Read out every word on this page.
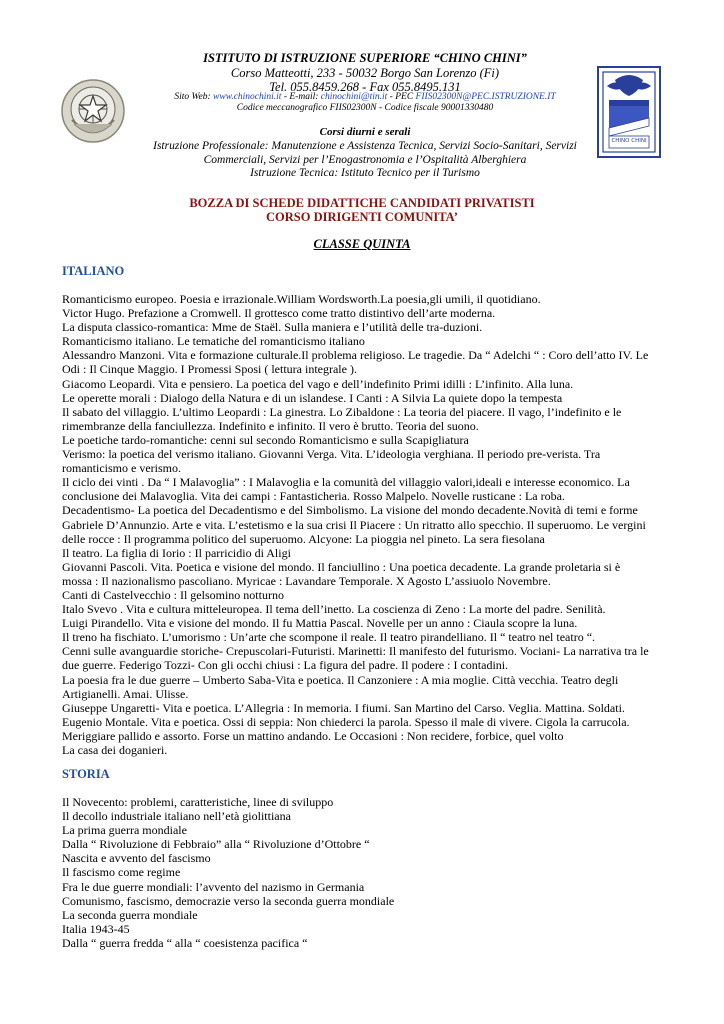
CHINO CHINI
ISTITUTO DI ISTRUZIONE SUPERIORE “CHINO CHINI”
Corso Matteotti, 233 - 50032 Borgo San Lorenzo (Fi)
Tel. 055.8459.268 - Fax 055.8495.131
Sito Web: www.chinochini.it - E-mail: chinochini@tin.it - PEC FIIS02300N@PEC.ISTRUZIONE.IT
Codice meccanografico FIIS02300N - Codice fiscale 90001330480
Corsi diurni e serali
Istruzione Professionale: Manutenzione e Assistenza Tecnica, Servizi Socio-Sanitari, Servizi
Commerciali, Servizi per l’Enogastronomia e l’Ospitalità Alberghiera
Istruzione Tecnica: Istituto Tecnico per il Turismo
BOZZA DI SCHEDE DIDATTICHE CANDIDATI PRIVATISTI
CORSO DIRIGENTI COMUNITA’
CLASSE QUINTA
ITALIANO
Romanticismo europeo. Poesia e irrazionale.William Wordsworth.La poesia,gli umili, il quotidiano.
Victor Hugo. Prefazione a Cromwell. Il grottesco come tratto distintivo dell’arte moderna.
La disputa classico-romantica: Mme de Staël. Sulla maniera e l’utilità delle tra-duzioni.
Romanticismo italiano. Le tematiche del romanticismo italiano
Alessandro Manzoni. Vita e formazione culturale.Il problema religioso. Le tragedie. Da “ Adelchi “ : Coro dell’atto IV. Le
Odi : Il Cinque Maggio. I Promessi Sposi ( lettura integrale ).
Giacomo Leopardi. Vita e pensiero. La poetica del vago e dell’indefinito Primi idilli : L’infinito. Alla luna.
Le operette morali : Dialogo della Natura e di un islandese. I Canti : A Silvia La quiete dopo la tempesta
Il sabato del villaggio. L’ultimo Leopardi : La ginestra. Lo Zibaldone : La teoria del piacere. Il vago, l’indefinito e le
rimembranze della fanciullezza. Indefinito e infinito. Il vero è brutto. Teoria del suono.
Le poetiche tardo-romantiche: cenni sul secondo Romanticismo e sulla Scapigliatura
Verismo: la poetica del verismo italiano. Giovanni Verga. Vita. L’ideologia verghiana. Il periodo pre-verista. Tra
romanticismo e verismo.
Il ciclo dei vinti . Da “ I Malavoglia” : I Malavoglia e la comunità del villaggio valori,ideali e interesse economico. La
conclusione dei Malavoglia. Vita dei campi : Fantasticheria. Rosso Malpelo. Novelle rusticane : La roba.
Decadentismo- La poetica del Decadentismo e del Simbolismo. La visione del mondo decadente.Novità di temi e forme
Gabriele D’Annunzio. Arte e vita. L’estetismo e la sua crisi Il Piacere : Un ritratto allo specchio. Il superuomo. Le vergini
delle rocce : Il programma politico del superuomo. Alcyone: La pioggia nel pineto. La sera fiesolana
Il teatro. La figlia di Iorio : Il parricidio di Aligi
Giovanni Pascoli. Vita. Poetica e visione del mondo. Il fanciullino : Una poetica decadente. La grande proletaria si è
mossa : Il nazionalismo pascoliano. Myricae : Lavandare Temporale. X Agosto L’assiuolo Novembre.
Canti di Castelvecchio : Il gelsomino notturno
Italo Svevo . Vita e cultura mitteleuropea. Il tema dell’inetto. La coscienza di Zeno : La morte del padre. Senilità.
Luigi Pirandello. Vita e visione del mondo. Il fu Mattia Pascal. Novelle per un anno : Ciaula scopre la luna.
Il treno ha fischiato. L’umorismo : Un’arte che scompone il reale. Il teatro pirandelliano. Il “ teatro nel teatro “.
Cenni sulle avanguardie storiche- Crepuscolari-Futuristi. Marinetti: Il manifesto del futurismo. Vociani- La narrativa tra le
due guerre. Federigo Tozzi- Con gli occhi chiusi : La figura del padre. Il podere : I contadini.
La poesia fra le due guerre – Umberto Saba-Vita e poetica. Il Canzoniere : A mia moglie. Città vecchia. Teatro degli
Artigianelli. Amai. Ulisse.
Giuseppe Ungaretti- Vita e poetica. L’Allegria : In memoria. I fiumi. San Martino del Carso. Veglia. Mattina. Soldati.
Eugenio Montale. Vita e poetica. Ossi di seppia: Non chiederci la parola. Spesso il male di vivere. Cigola la carrucola.
Meriggiare pallido e assorto. Forse un mattino andando. Le Occasioni : Non recidere, forbice, quel volto
La casa dei doganieri.
STORIA
Il Novecento: problemi, caratteristiche, linee di sviluppo
Il decollo industriale italiano nell’età giolittiana
La prima guerra mondiale
Dalla “ Rivoluzione di Febbraio” alla “ Rivoluzione d’Ottobre “
Nascita e avvento del fascismo
Il fascismo come regime
Fra le due guerre mondiali: l’avvento del nazismo in Germania
Comunismo, fascismo, democrazie verso la seconda guerra mondiale
La seconda guerra mondiale
Italia 1943-45
Dalla “ guerra fredda “ alla “ coesistenza pacifica “
